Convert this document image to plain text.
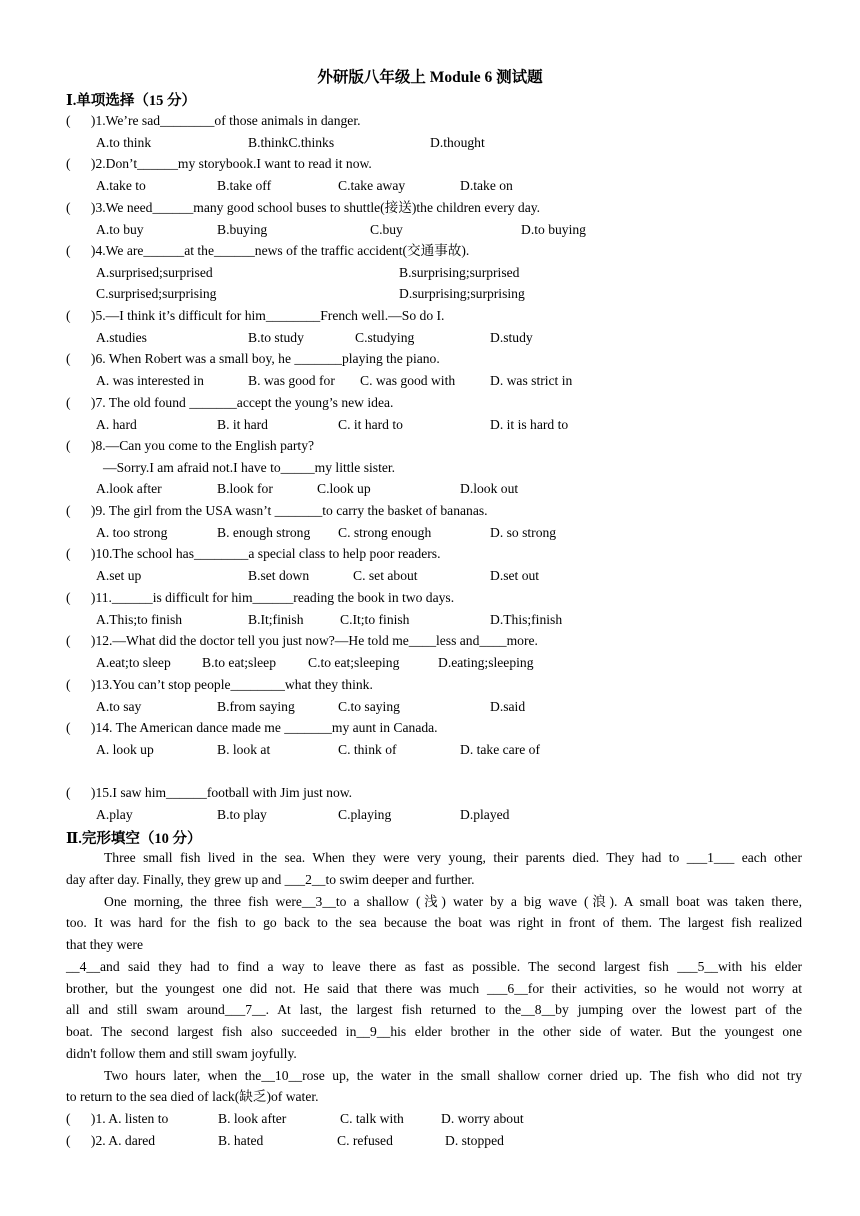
外研版八年级上 Module 6 测试题
Ⅰ.单项选择（15 分）
(      )1.We’re sad________of those animals in danger.
A.to think	B.thinkC.thinks	D.thought
(      )2.Don’t______my storybook.I want to read it now.
A.take to	B.take off	C.take away	D.take on
(      )3.We need______many good school buses to shuttle(接送)the children every day.
A.to buy	B.buying	C.buy	D.to buying
(      )4.We are______at the______news of the traffic accident(交通事故).
A.surprised;surprised	B.surprising;surprised
C.surprised;surprising	D.surprising;surprising
(      )5.—I think it’s difficult for him________French well.—So do I.
A.studies	B.to study	C.studying	D.study
(      )6. When Robert was a small boy, he _______playing the piano.
A. was interested in	B. was good for C. was good with	D. was strict in
(      )7. The old found _______accept the young’s new idea.
A. hard	B. it hard	C. it hard to	D. it is hard to
(      )8.—Can you come to the English party?
—Sorry.I am afraid not.I have to_____my little sister.
A.look after	B.look for	C.look up	D.look out
(      )9. The girl from the USA wasn’t _______to carry the basket of bananas.
A. too strong	B. enough strong C. strong enough	D. so strong
(      )10.The school has________a special class to help poor readers.
A.set up	B.set down	C. set about	D.set out
(      )11.______is difficult for him______reading the book in two days.
A.This;to finish	B.It;finish	C.It;to finish	D.This;finish
(      )12.—What did the doctor tell you just now?—He told me____less and____more.
A.eat;to sleep B.to eat;sleep C.to eat;sleeping	D.eating;sleeping
(      )13.You can’t stop people________what they think.
A.to say	B.from saying	C.to saying	D.said
(      )14. The American dance made me _______my aunt in Canada.
A. look up	B. look at	C. think of	D. take care of
(      )15.I saw him______football with Jim just now.
A.play	B.to play	C.playing	D.played
Ⅱ.完形填空（10 分）
Three small fish lived in the sea. When they were very young, their parents died. They had to ___1___ each other
day after day. Finally, they grew up and ___2__to swim deeper and further.
One morning, the three fish were__3__to a shallow (浅) water by a big wave (浪). A small boat was taken there,
too. It was hard for the fish to go back to the sea because the boat was right in front of them. The largest fish realized
that they were
__4__and said they had to find a way to leave there as fast as possible. The second largest fish ___5__with his elder
brother, but the youngest one did not. He said that there was much ___6__for their activities, so he would not worry at
all and still swam around___7__. At last, the largest fish returned to the__8__by jumping over the lowest part of the
boat. The second largest fish also succeeded in__9__his elder brother in the other side of water. But the youngest one
didn't follow them and still swam joyfully.
Two hours later, when the__10__rose up, the water in the small shallow corner dried up. The fish who did not try
to return to the sea died of lack(缺乏)of water.
(      )1. A. listen to	B. look after	C. talk with	D. worry about
(      )2. A. dared	B. hated	C. refused	D. stopped
